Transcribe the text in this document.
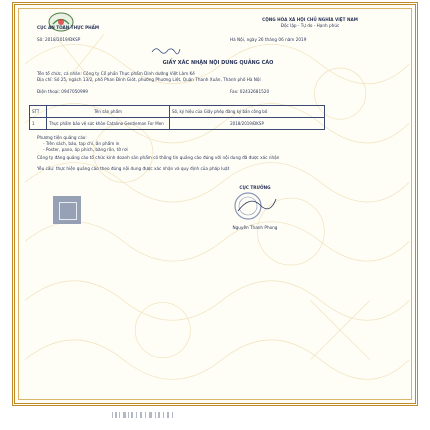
CỤC AN TOÀN THỰC PHẨM
CỘNG HÒA XÃ HỘI CHỦ NGHĨA VIỆT NAM
Độc lập - Tự do - Hạnh phúc
Số: 2018/2019/ĐKSP	Hà Nội, ngày 26 tháng 06 năm 2019
GIẤY XÁC NHẬN NỘI DUNG QUẢNG CÁO
Tên tổ chức, cá nhân: Công ty Cổ phần Thực phẩm Dinh dưỡng Việt Lâm Kế
Địa chỉ: Số 25, ngách 13/2, phố Phan Đình Giót, phường Phương Liệt, Quận Thanh Xuân, Thành phố Hà Nội
Điện thoại: 0947050999	Fax: 02432681520
STT	Tên sản phẩm	Số, ký hiệu của Giấy phép đăng ký bản công bố
1	Thực phẩm bảo vệ sức khỏe Catalino Gentleman For Men	2018/2019/ĐKSP
Phương tiện quảng cáo:
- Trên sách, báo, tạp chí, ấn phẩm in
- Poster, pano, áp phích, băng rôn, tờ rơi
Công ty đăng quảng cáo tổ chức kinh doanh sản phẩm có thông tin quảng cáo đúng với nội dung đã được xác nhận
Yêu cầu: thực hiện quảng cáo theo đúng nội dung được xác nhận và quy định của pháp luật
CỤC TRƯỞNG
Nguyễn Thanh Phong
